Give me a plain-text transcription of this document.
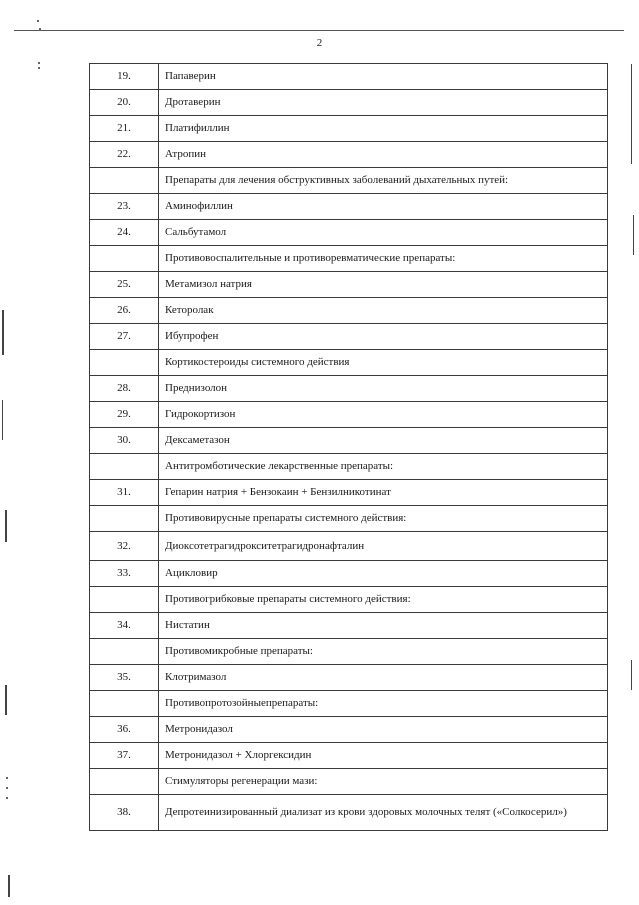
2
19.	Папаверин
20.	Дротаверин
21.	Платифиллин
22.	Атропин
	Препараты для лечения обструктивных заболеваний дыхательных путей:
23.	Аминофиллин
24.	Сальбутамол
	Противовоспалительные и противоревматические препараты:
25.	Метамизол натрия
26.	Кеторолак
27.	Ибупрофен
	Кортикостероиды системного действия
28.	Преднизолон
29.	Гидрокортизон
30.	Дексаметазон
	Антитромботические лекарственные препараты:
31.	Гепарин натрия + Бензокаин + Бензилникотинат
	Противовирусные препараты системного действия:
32.	Диоксотетрагидрокситетрагидронафталин
33.	Ацикловир
	Противогрибковые препараты системного действия:
34.	Нистатин
	Противомикробные препараты:
35.	Клотримазол
	Противопротозойныепрепараты:
36.	Метронидазол
37.	Метронидазол + Хлоргексидин
	Стимуляторы регенерации мази:
38.	Депротеинизированный диализат из крови здоровых молочных телят («Солкосерил»)
